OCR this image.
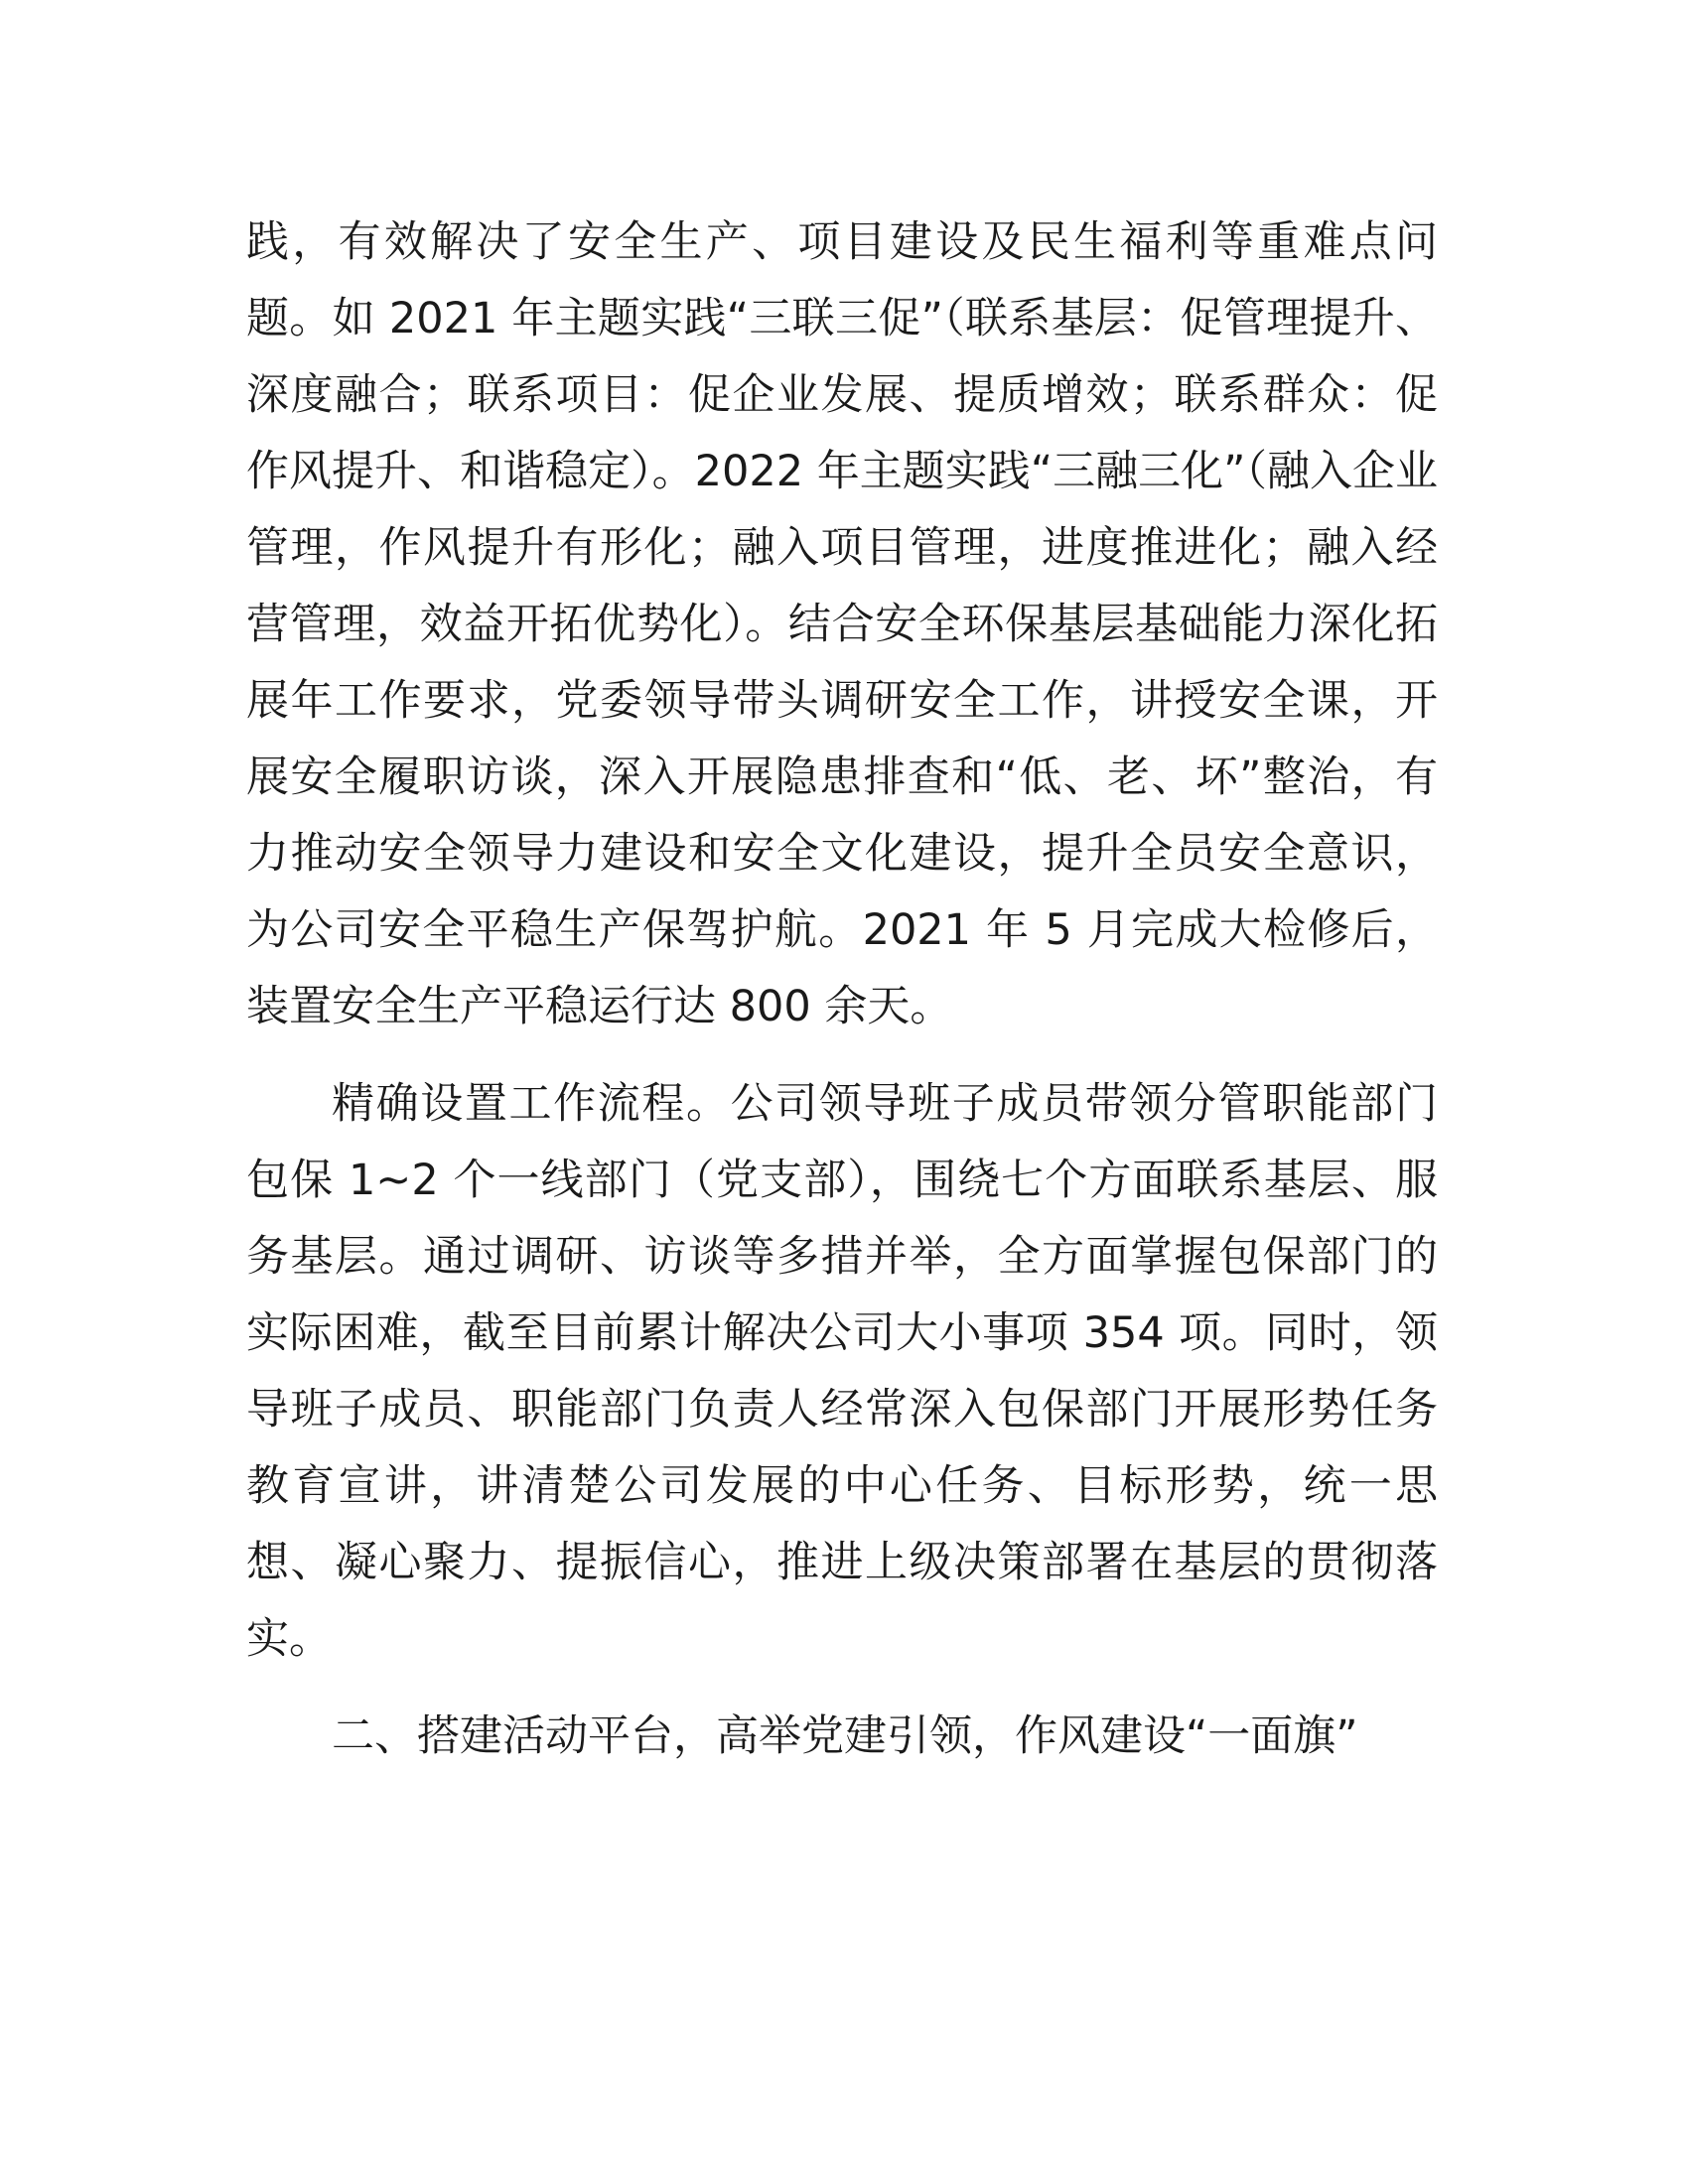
践，有效解决了安全生产、项目建设及民生福利等重难点问题。如 2021 年主题实践“三联三促”（联系基层：促管理提升、深度融合；联系项目：促企业发展、提质增效；联系群众：促作风提升、和谐稳定）。2022 年主题实践“三融三化”（融入企业管理，作风提升有形化；融入项目管理，进度推进化；融入经营管理，效益开拓优势化）。结合安全环保基层基础能力深化拓展年工作要求，党委领导带头调研安全工作，讲授安全课，开展安全履职访谈，深入开展隐患排查和“低、老、坏”整治，有力推动安全领导力建设和安全文化建设，提升全员安全意识，为公司安全平稳生产保驾护航。2021 年 5 月完成大检修后，装置安全生产平稳运行达 800 余天。

精确设置工作流程。公司领导班子成员带领分管职能部门包保 1~2 个一线部门（党支部），围绕七个方面联系基层、服务基层。通过调研、访谈等多措并举，全方面掌握包保部门的实际困难，截至目前累计解决公司大小事项 354 项。同时，领导班子成员、职能部门负责人经常深入包保部门开展形势任务教育宣讲，讲清楚公司发展的中心任务、目标形势，统一思想、凝心聚力、提振信心，推进上级决策部署在基层的贯彻落实。

二、搭建活动平台，高举党建引领，作风建设“一面旗”
